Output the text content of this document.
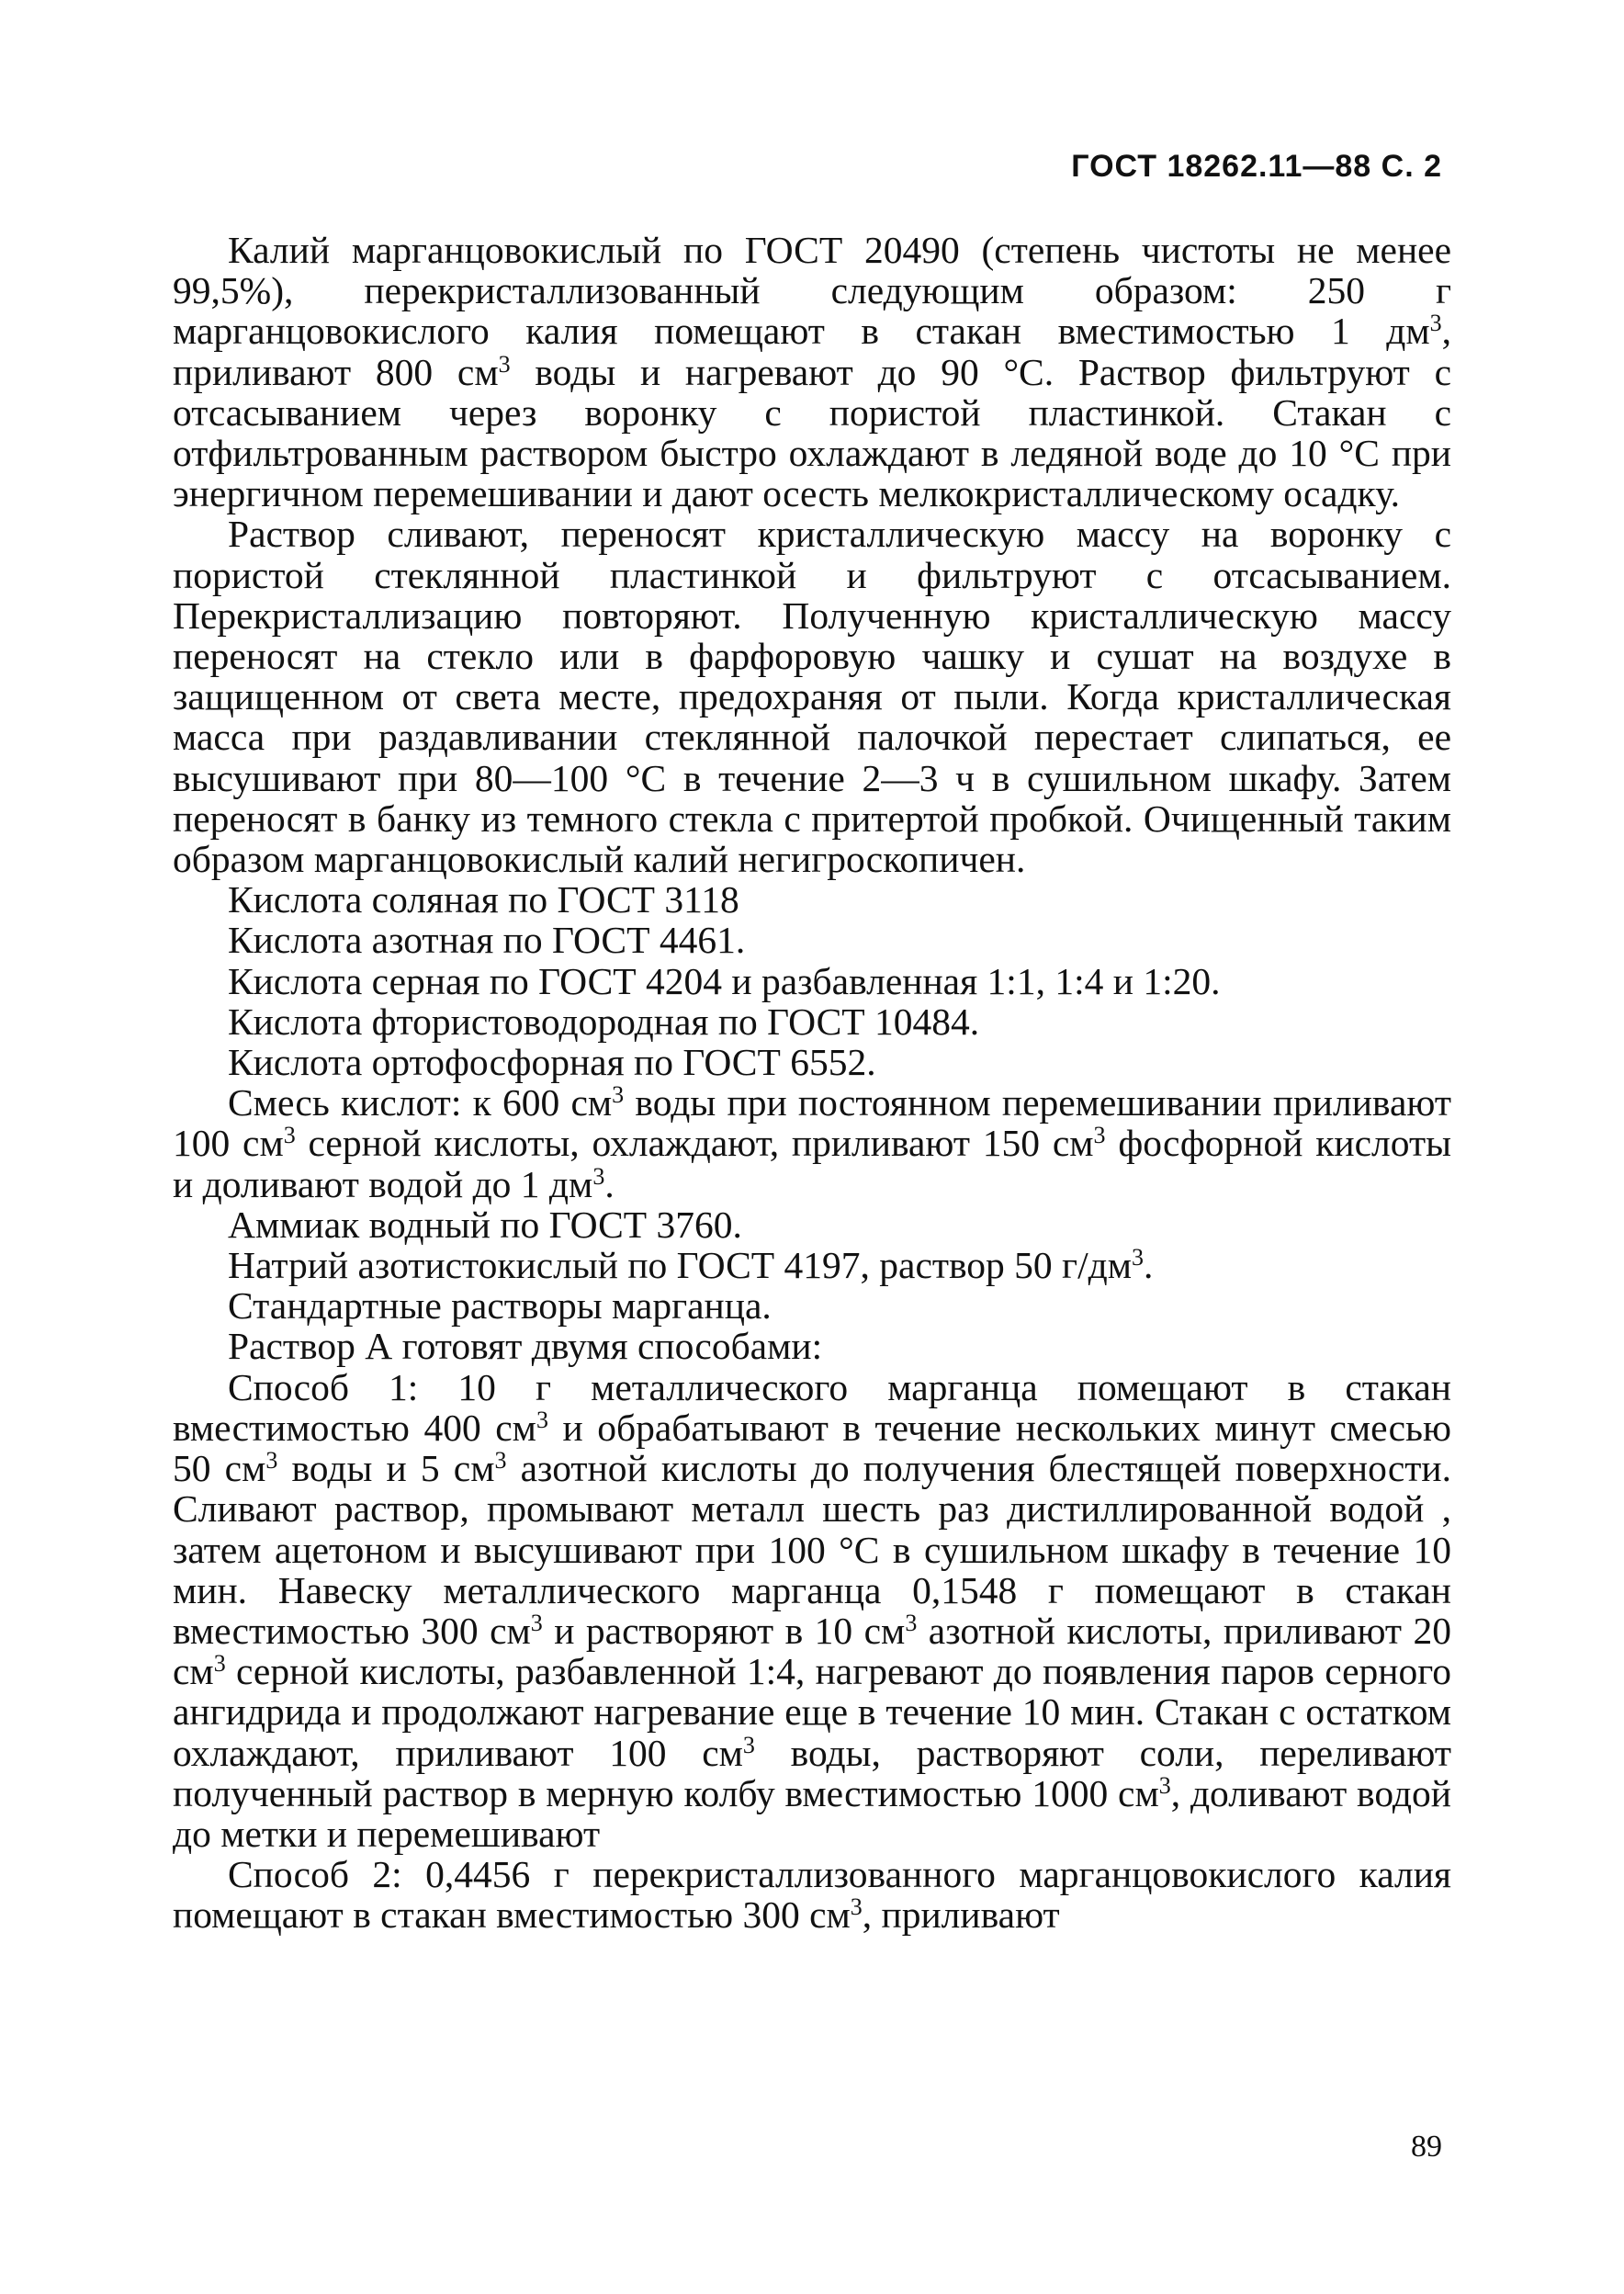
ГОСТ 18262.11—88 С. 2

Калий марганцовокислый по ГОСТ 20490 (степень чистоты не менее 99,5%), перекристаллизованный следующим образом: 250 г марганцовокислого калия помещают в стакан вместимостью 1 $дм^3$, приливают 800 $см^3$ воды и нагревают до 90 °С. Раствор фильтруют с отсасыванием через воронку с пористой пластинкой. Стакан с отфильтрованным раствором быстро охлаждают в ледяной воде до 10 °С при энергичном перемешивании и дают осесть мелкокристаллическому осадку.

Раствор сливают, переносят кристаллическую массу на воронку с пористой стеклянной пластинкой и фильтруют с отсасыванием. Перекристаллизацию повторяют. Полученную кристаллическую массу переносят на стекло или в фарфоровую чашку и сушат на воздухе в защищенном от света месте, предохраняя от пыли. Когда кристаллическая масса при раздавливании стеклянной палочкой перестает слипаться, ее высушивают при 80—100 °С в течение 2—3 ч в сушильном шкафу. Затем переносят в банку из темного стекла с притертой пробкой. Очищенный таким образом марганцовокислый калий негигроскопичен.

Кислота соляная по ГОСТ 3118

Кислота азотная по ГОСТ 4461.

Кислота серная по ГОСТ 4204 и разбавленная 1:1, 1:4 и 1:20.

Кислота фтористоводородная по ГОСТ 10484.

Кислота ортофосфорная по ГОСТ 6552.

Смесь кислот: к 600 $см^3$ воды при постоянном перемешивании приливают 100 $см^3$ серной кислоты, охлаждают, приливают 150 $см^3$ фосфорной кислоты и доливают водой до 1 $дм^3$.

Аммиак водный по ГОСТ 3760.

Натрий азотистокислый по ГОСТ 4197, раствор 50 $г/дм^3$.

Стандартные растворы марганца.

Раствор А готовят двумя способами:

Способ 1: 10 г металлического марганца помещают в стакан вместимостью 400 $см^3$ и обрабатывают в течение нескольких минут смесью 50 $см^3$ воды и 5 $см^3$ азотной кислоты до получения блестящей поверхности. Сливают раствор, промывают металл шесть раз дистиллированной водой , затем ацетоном и высушивают при 100 °С в сушильном шкафу в течение 10 мин. Навеску металлического марганца 0,1548 г помещают в стакан вместимостью 300 $см^3$ и растворяют в 10 $см^3$ азотной кислоты, приливают 20 $см^3$ серной кислоты, разбавленной 1:4, нагревают до появления паров серного ангидрида и продолжают нагревание еще в течение 10 мин. Стакан с остатком охлаждают, приливают 100 $см^3$ воды, растворяют соли, переливают полученный раствор в мерную колбу вместимостью 1000 $см^3$, доливают водой до метки и перемешивают

Способ 2: 0,4456 г перекристаллизованного марганцовокислого калия помещают в стакан вместимостью 300 $см^3$, приливают

89
